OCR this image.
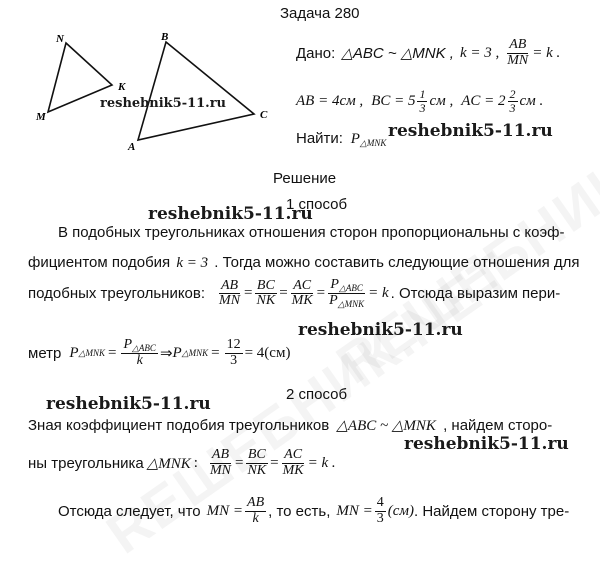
Задача 280
N
M
K
B
A
C
Дано: △ABC ~ △MNK , k = 3 , $\frac{AB}{MN} = k$ .
AB = 4см , BC = $5 \frac{1}{3}$ см , AC = $2 \frac{2}{3}$ см .
Найти: $P_{\triangle MNK}$
Решение
1 способ
В подобных треугольниках отношения сторон пропорциональны с коэф-
фициентом подобия k = 3 . Тогда можно составить следующие отношения для
подобных треугольников: $\frac{AB}{MN} = \frac{BC}{NK} = \frac{AC}{MK} = \frac{P_{\triangle ABC}}{P_{\triangle MNK}} = k$ . Отсюда выразим пери-
метр P △MNK = $\frac{P_{\triangle ABC}}{k}$ ⇒ P △MNK = $\frac{12}{3} = 4(см)$
2 способ
Зная коэффициент подобия треугольников △ABC ~ △MNK , найдем сторо-
ны треугольника △MNK : $\frac{AB}{MN} = \frac{BC}{NK} = \frac{AC}{MK} = k$ .
Отсюда следует, что MN = $\frac{AB}{k}$ , то есть, MN = $\frac{4}{3} (см)$ . Найдем сторону тре-
reshebnik5-11.ru
reshebnik5-11.ru
reshebnik5-11.ru
reshebnik5-11.ru
reshebnik5-11.ru
reshebnik5-11.ru
